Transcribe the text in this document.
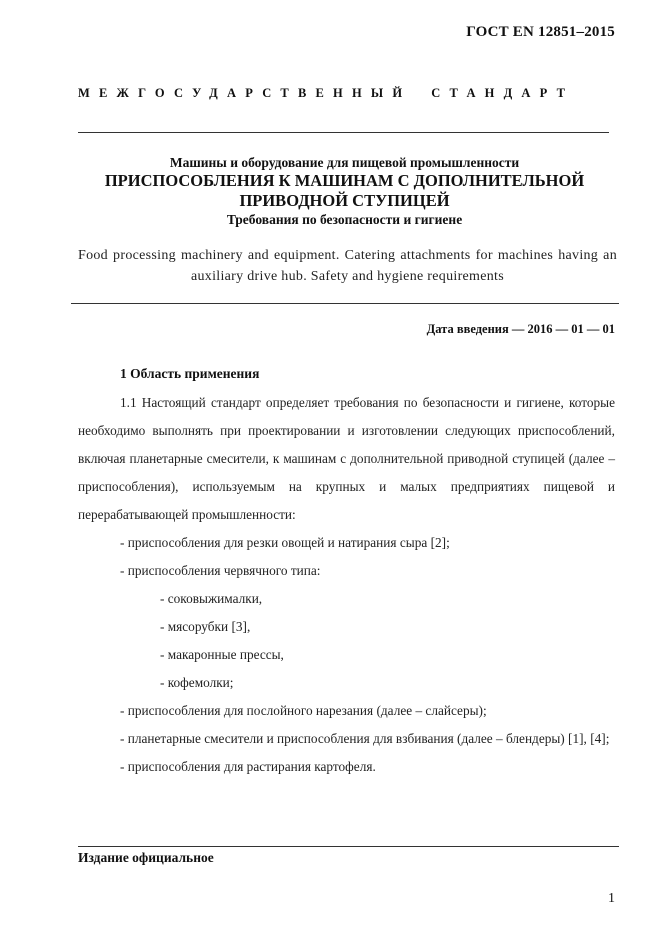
ГОСТ EN 12851–2015
МЕЖГОСУДАРСТВЕННЫЙ СТАНДАРТ
Машины и оборудование для пищевой промышленности
ПРИСПОСОБЛЕНИЯ К МАШИНАМ С ДОПОЛНИТЕЛЬНОЙ
ПРИВОДНОЙ СТУПИЦЕЙ
Требования по безопасности и гигиене
Food processing machinery and equipment. Catering attachments for machines having an auxiliary drive hub. Safety and hygiene requirements
Дата введения — 2016 — 01 — 01
1 Область применения

1.1 Настоящий стандарт определяет требования по безопасности и гигиене, которые необходимо выполнять при проектировании и изготовлении следующих приспособлений, включая планетарные смесители, к машинам с дополнительной приводной ступицей (далее – приспособления), используемым на крупных и малых предприятиях пищевой и перерабатывающей промышленности:

- приспособления для резки овощей и натирания сыра [2];

- приспособления червячного типа:

- соковыжималки,

- мясорубки [3],

- макаронные прессы,

- кофемолки;

- приспособления для послойного нарезания (далее – слайсеры);

- планетарные смесители и приспособления для взбивания (далее – блендеры) [1], [4];

- приспособления для растирания картофеля.

Издание официальное
1
